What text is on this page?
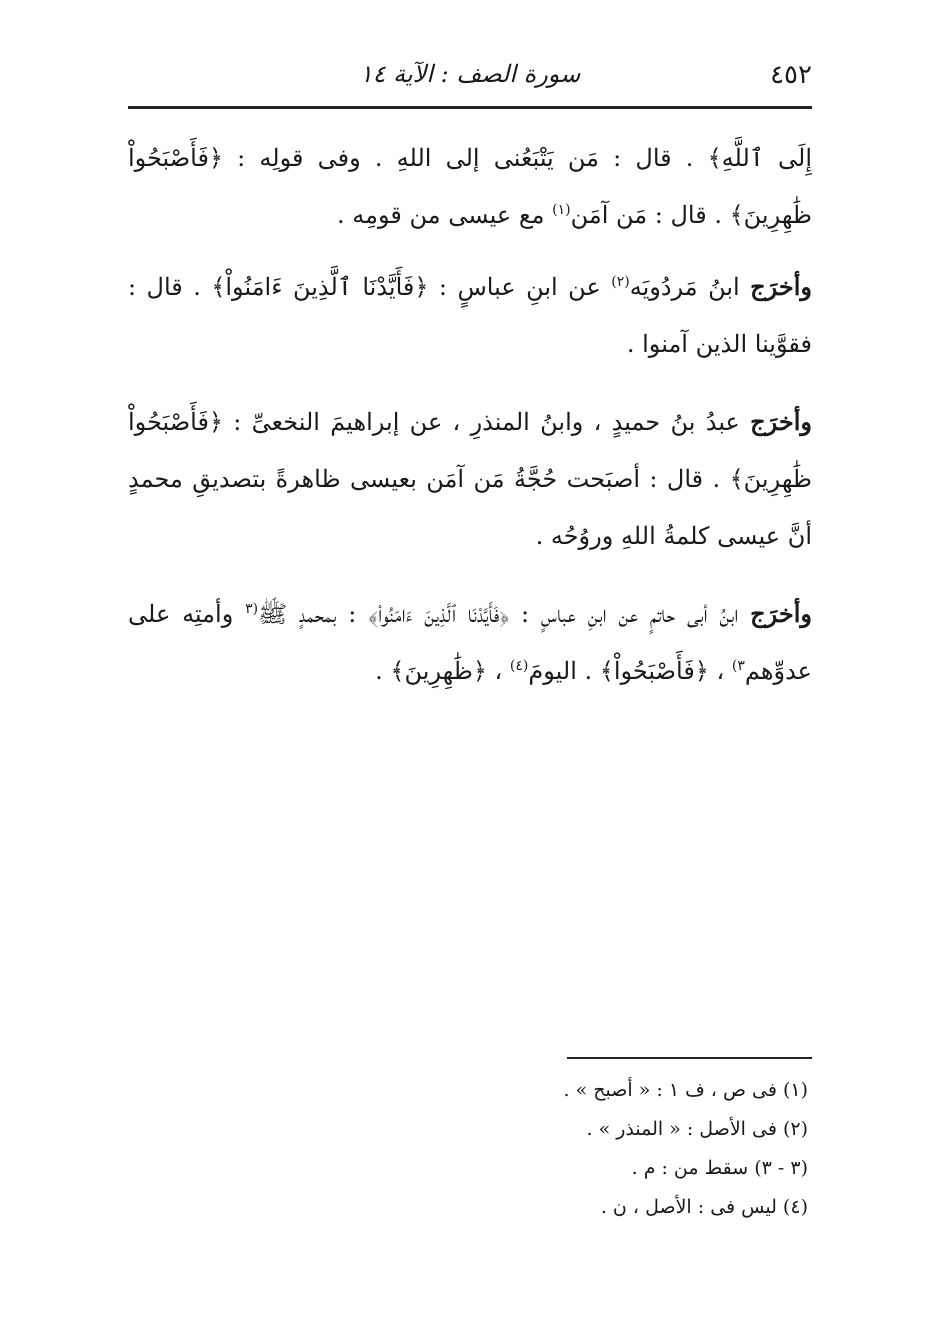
٤٥٢
سورة الصف : الآية ١٤

إِلَى ٱللَّهِ﴾ . قال : مَن يَتْبَعُنى إلى اللهِ . وفى قولِه : ﴿فَأَصْبَحُواْ ظَٰهِرِينَ﴾ . قال : مَن آمَن$^{(١)}$ مع عيسى من قومِه .

وأخرَج ابنُ مَردُويَه$^{(٢)}$ عن ابنِ عباسٍ : ﴿فَأَيَّدْنَا ٱلَّذِينَ ءَامَنُواْ﴾ . قال : فقوَّينا الذين آمنوا .

وأخرَج عبدُ بنُ حميدٍ ، وابنُ المنذرِ ، عن إبراهيمَ النخعىِّ : ﴿فَأَصْبَحُواْ ظَٰهِرِينَ﴾ . قال : أصبَحت حُجَّةُ مَن آمَن بعيسى ظاهرةً بتصديقِ محمدٍ أنَّ عيسى كلمةُ اللهِ وروُحُه .

وأخرَج ابنُ أبى حاتمٍ عن ابنِ عباسٍ : ﴿فَأَيَّدْنَا ٱلَّذِينَ ءَامَنُواْ﴾ : بمحمدٍ ﷺ$^{(٣}$ وأمتِه على عدوِّهم$^{٣)}$ ، ﴿فَأَصْبَحُواْ﴾ . اليومَ$^{(٤)}$ ، ﴿ظَٰهِرِينَ﴾ .

(١) فى ص ، ف ١ : « أصبح » .

(٢) فى الأصل : « المنذر » .

(٣ - ٣) سقط من : م .

(٤) ليس فى : الأصل ، ن .
